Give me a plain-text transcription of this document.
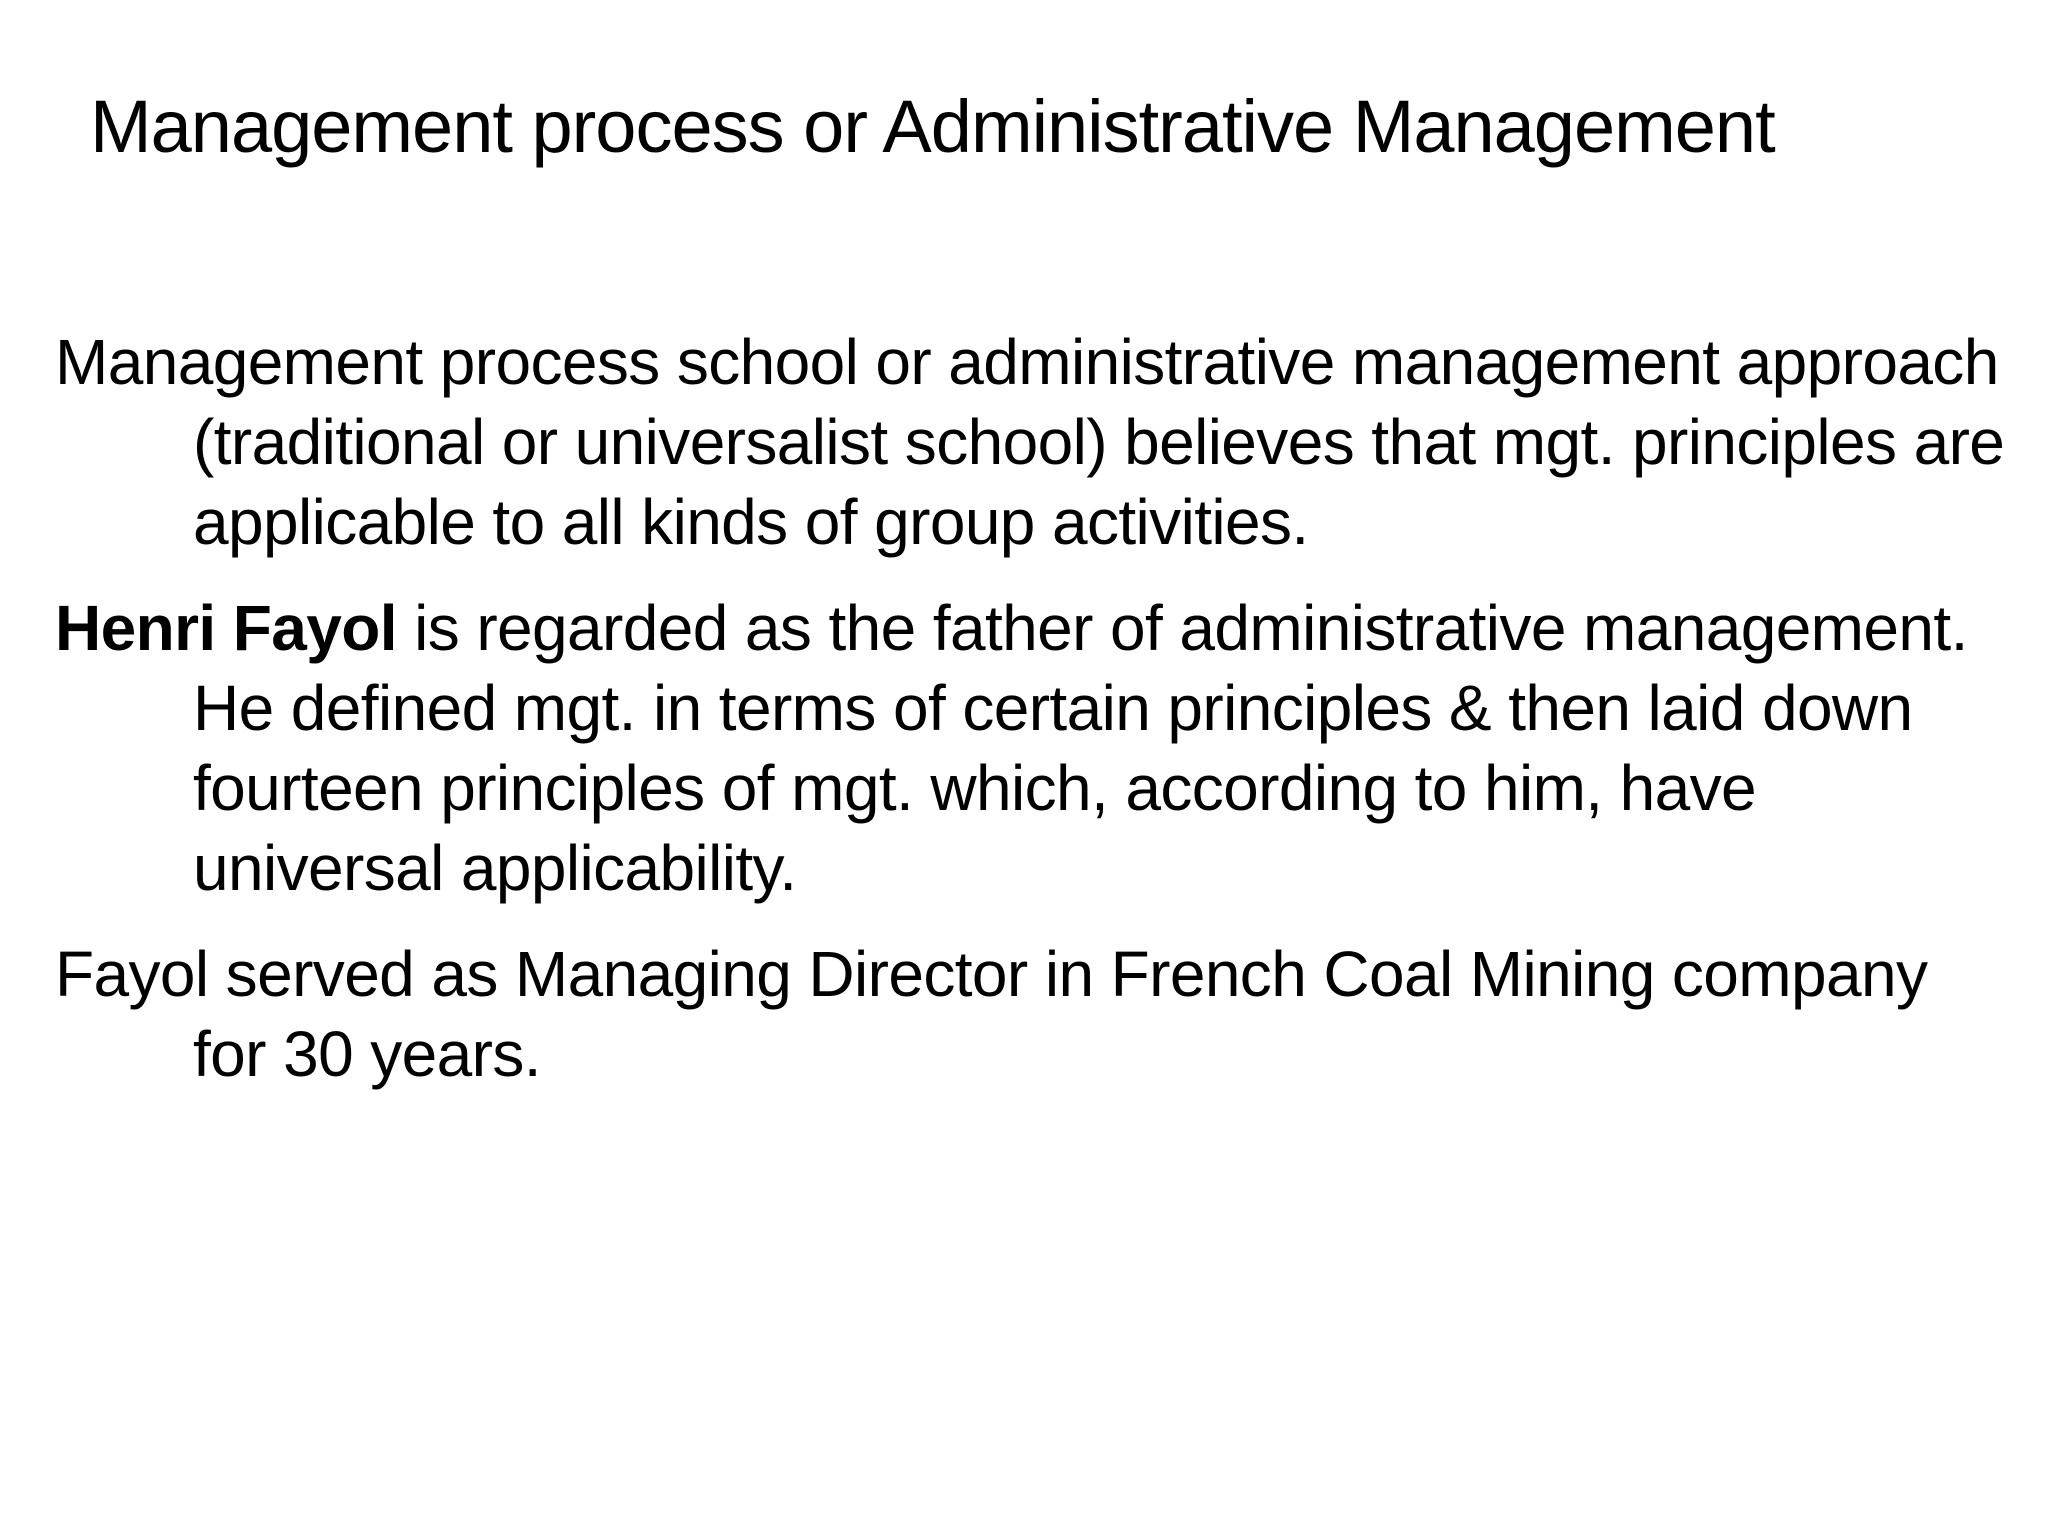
Management process or Administrative Management

Management process school or administrative management approach (traditional or universalist school) believes that mgt. principles are applicable to all kinds of group activities.

Henri Fayol is regarded as the father of administrative management. He defined mgt. in terms of certain principles & then laid down fourteen principles of mgt. which, according to him, have universal applicability.

Fayol served as Managing Director in French Coal Mining company for 30 years.
